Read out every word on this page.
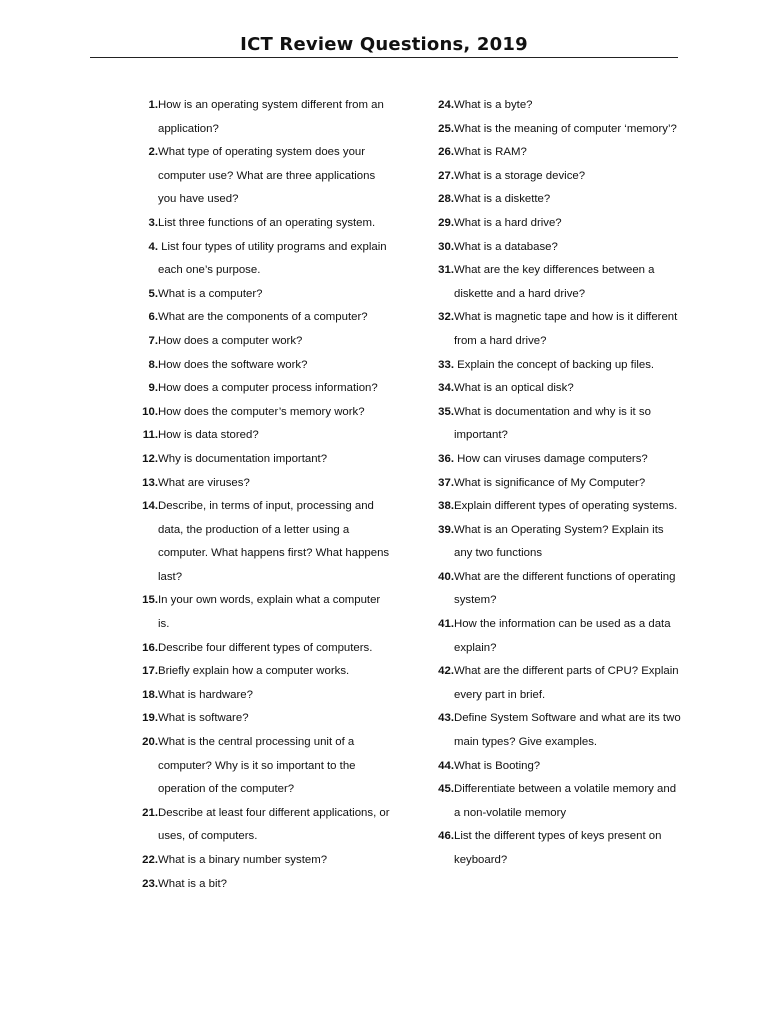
ICT Review Questions, 2019
1. How is an operating system different from an application?
2. What type of operating system does your computer use? What are three applications you have used?
3. List three functions of an operating system.
4. List four types of utility programs and explain each one’s purpose.
5. What is a computer?
6. What are the components of a computer?
7. How does a computer work?
8. How does the software work?
9. How does a computer process information?
10. How does the computer’s memory work?
11. How is data stored?
12. Why is documentation important?
13. What are viruses?
14. Describe, in terms of input, processing and data, the production of a letter using a computer. What happens first? What happens last?
15. In your own words, explain what a computer is.
16. Describe four different types of computers.
17. Briefly explain how a computer works.
18. What is hardware?
19. What is software?
20. What is the central processing unit of a computer? Why is it so important to the operation of the computer?
21. Describe at least four different applications, or uses, of computers.
22. What is a binary number system?
23. What is a bit?
24. What is a byte?
25. What is the meaning of computer ‘memory’?
26. What is RAM?
27. What is a storage device?
28. What is a diskette?
29. What is a hard drive?
30. What is a database?
31. What are the key differences between a diskette and a hard drive?
32. What is magnetic tape and how is it different from a hard drive?
33. Explain the concept of backing up files.
34. What is an optical disk?
35. What is documentation and why is it so important?
36. How can viruses damage computers?
37. What is significance of My Computer?
38. Explain different types of operating systems.
39. What is an Operating System? Explain its any two functions
40. What are the different functions of operating system?
41. How the information can be used as a data explain?
42. What are the different parts of CPU? Explain every part in brief.
43. Define System Software and what are its two main types? Give examples.
44. What is Booting?
45. Differentiate between a volatile memory and a non-volatile memory
46. List the different types of keys present on keyboard?
